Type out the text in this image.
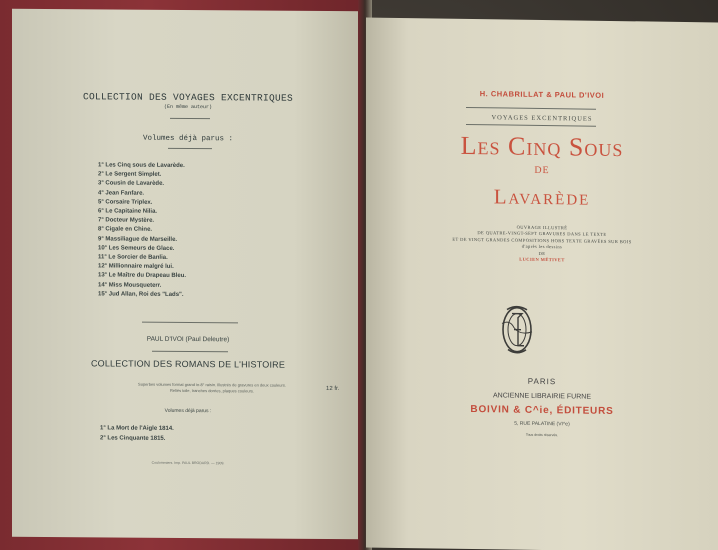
COLLECTION DES VOYAGES EXCENTRIQUES
(En même auteur)
Volumes déjà parus :
1° Les Cinq sous de Lavarède.
2° Le Sergent Simplet.
3° Cousin de Lavarède.
4° Jean Fanfare.
5° Corsaire Triplex.
6° Le Capitaine Nilia.
7° Docteur Mystère.
8° Cigale en Chine.
9° Massiliague de Marseille.
10° Les Semeurs de Glace.
11° Le Sorcier de Banlia.
12° Millionnaire malgré lui.
13° Le Maître du Drapeau Bleu.
14° Miss Mousqueterr.
15° Jud Allan, Roi des "Lads".
PAUL D'IVOI (Paul Deleutre)
COLLECTION DES ROMANS DE L'HISTOIRE
Superbes volumes format grand in-8° raisin. Illustrés de gravures en deux couleurs.
Reliés toile, tranches dorées, plaques couleurs.	12 fr.
Volumes déjà parus :
1° La Mort de l'Aigle 1814.
2° Les Cinquante 1815.
Coulommiers. Imp. PAUL BRODARD. — 1909.
H. CHABRILLAT & PAUL D'IVOI
VOYAGES EXCENTRIQUES
Les Cinq Sous
DE
Lavarède
OUVRAGE ILLUSTRÉ
DE QUATRE-VINGT-SEPT GRAVURES DANS LE TEXTE
ET DE VINGT GRANDES COMPOSITIONS HORS TEXTE GRAVÉES SUR BOIS
d'après les dessins
DE
LUCIEN MÉTIVET
PARIS
ANCIENNE LIBRAIRIE FURNE
BOIVIN & C^ie, ÉDITEURS
5, RUE PALATINE (VI^e)
Tous droits réservés.
